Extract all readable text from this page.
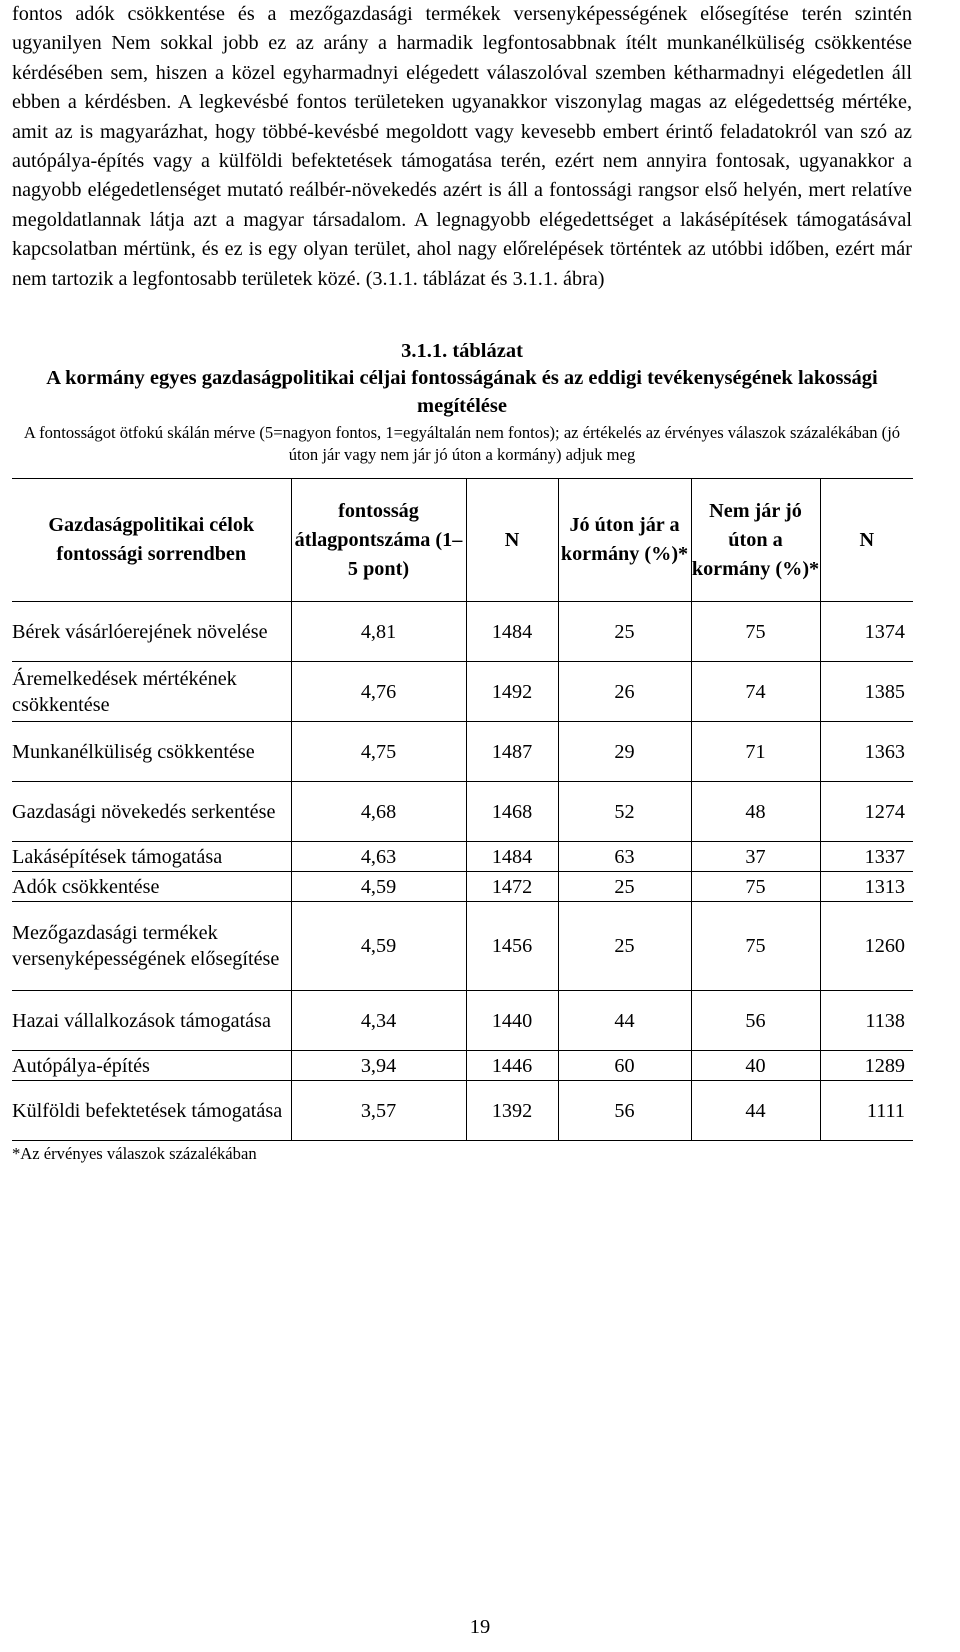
fontos adók csökkentése és a mezőgazdasági termékek versenyképességének elősegítése terén szintén ugyanilyen Nem sokkal jobb ez az arány a harmadik legfontosabbnak ítélt munkanélküliség csökkentése kérdésében sem, hiszen a közel egyharmadnyi elégedett válaszolóval szemben kétharmadnyi elégedetlen áll ebben a kérdésben. A legkevésbé fontos területeken ugyanakkor viszonylag magas az elégedettség mértéke, amit az is magyarázhat, hogy többé-kevésbé megoldott vagy kevesebb embert érintő feladatokról van szó az autópálya-építés vagy a külföldi befektetések támogatása terén, ezért nem annyira fontosak, ugyanakkor a nagyobb elégedetlenséget mutató reálbér-növekedés azért is áll a fontossági rangsor első helyén, mert relatíve megoldatlannak látja azt a magyar társadalom. A legnagyobb elégedettséget a lakásépítések támogatásával kapcsolatban mértünk, és ez is egy olyan terület, ahol nagy előrelépések történtek az utóbbi időben, ezért már nem tartozik a legfontosabb területek közé. (3.1.1. táblázat és 3.1.1. ábra)

3.1.1. táblázat

A kormány egyes gazdaságpolitikai céljai fontosságának és az eddigi tevékenységének lakossági megítélése

A fontosságot ötfokú skálán mérve (5=nagyon fontos, 1=egyáltalán nem fontos); az értékelés az érvényes válaszok százalékában (jó úton jár vagy nem jár jó úton a kormány) adjuk meg

Gazdaságpolitikai célok fontossági sorrendben	fontosság átlagpontszáma (1–5 pont)	N	Jó úton jár a kormány (%)*	Nem jár jó úton a kormány (%)*	N
Bérek vásárlóerejének növelése	4,81	1484	25	75	1374
Áremelkedések mértékének csökkentése	4,76	1492	26	74	1385
Munkanélküliség csökkentése	4,75	1487	29	71	1363
Gazdasági növekedés serkentése	4,68	1468	52	48	1274
Lakásépítések támogatása	4,63	1484	63	37	1337
Adók csökkentése	4,59	1472	25	75	1313
Mezőgazdasági termékek versenyképességének elősegítése	4,59	1456	25	75	1260
Hazai vállalkozások támogatása	4,34	1440	44	56	1138
Autópálya-építés	3,94	1446	60	40	1289
Külföldi befektetések támogatása	3,57	1392	56	44	1111

*Az érvényes válaszok százalékában

19
